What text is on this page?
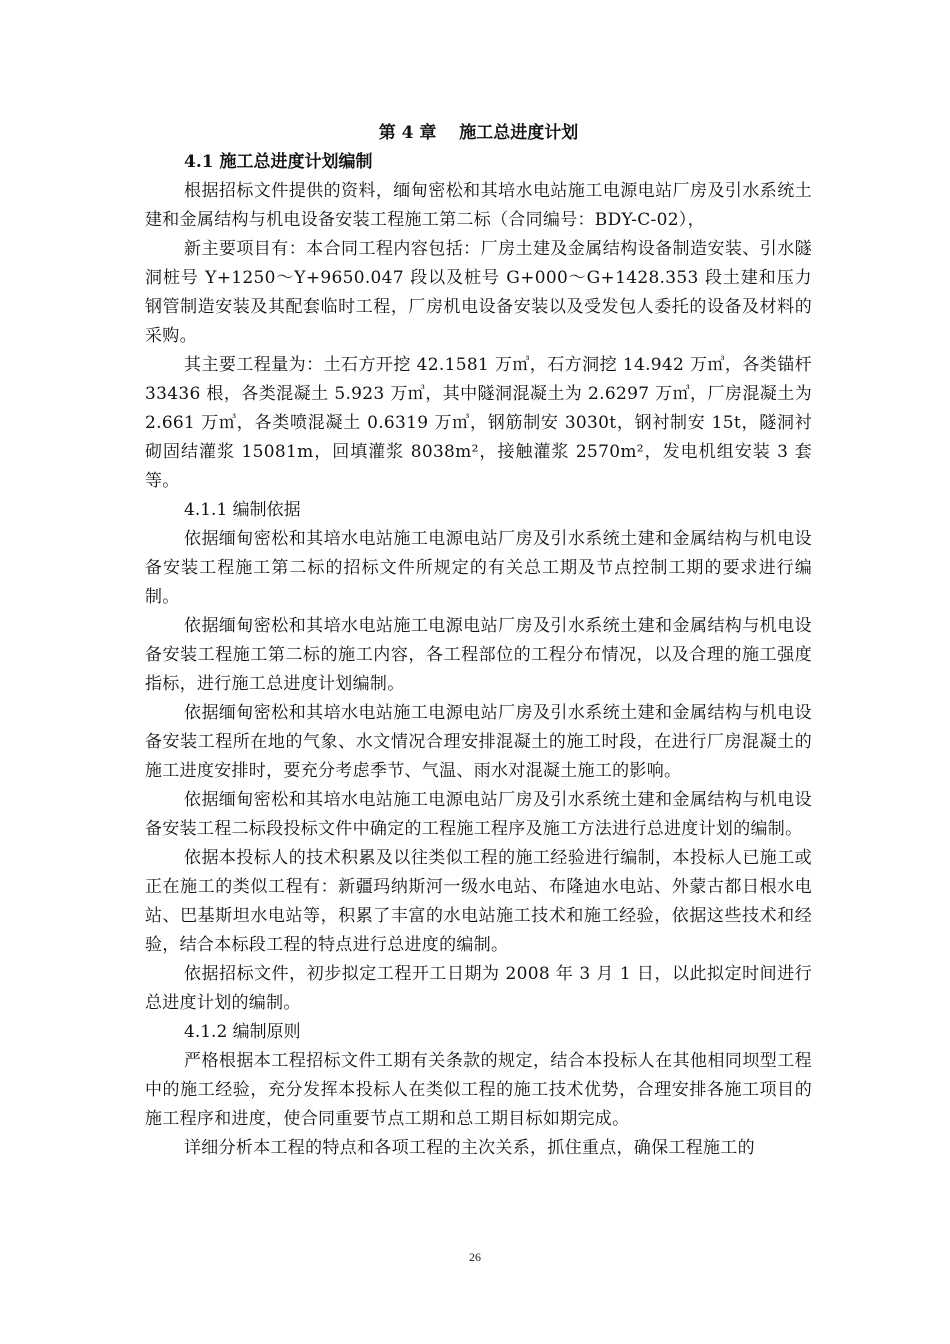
第 4 章　 施工总进度计划
4.1 施工总进度计划编制

根据招标文件提供的资料，缅甸密松和其培水电站施工电源电站厂房及引水系统土建和金属结构与机电设备安装工程施工第二标（合同编号：BDY-C-02），

新主要项目有：本合同工程内容包括：厂房土建及金属结构设备制造安装、引水隧洞桩号 Y+1250～Y+9650.047 段以及桩号 G+000～G+1428.353 段土建和压力钢管制造安装及其配套临时工程，厂房机电设备安装以及受发包人委托的设备及材料的采购。

其主要工程量为：土石方开挖 42.1581 万㎥，石方洞挖 14.942 万㎥，各类锚杆 33436 根，各类混凝土 5.923 万㎥，其中隧洞混凝土为 2.6297 万㎥，厂房混凝土为 2.661 万㎥，各类喷混凝土 0.6319 万㎥，钢筋制安 3030t，钢衬制安 15t，隧洞衬砌固结灌浆 15081m，回填灌浆 8038m²，接触灌浆 2570m²，发电机组安装 3 套等。

4.1.1 编制依据

依据缅甸密松和其培水电站施工电源电站厂房及引水系统土建和金属结构与机电设备安装工程施工第二标的招标文件所规定的有关总工期及节点控制工期的要求进行编制。

依据缅甸密松和其培水电站施工电源电站厂房及引水系统土建和金属结构与机电设备安装工程施工第二标的施工内容，各工程部位的工程分布情况，以及合理的施工强度指标，进行施工总进度计划编制。

依据缅甸密松和其培水电站施工电源电站厂房及引水系统土建和金属结构与机电设备安装工程所在地的气象、水文情况合理安排混凝土的施工时段，在进行厂房混凝土的施工进度安排时，要充分考虑季节、气温、雨水对混凝土施工的影响。

依据缅甸密松和其培水电站施工电源电站厂房及引水系统土建和金属结构与机电设备安装工程二标段投标文件中确定的工程施工程序及施工方法进行总进度计划的编制。

依据本投标人的技术积累及以往类似工程的施工经验进行编制，本投标人已施工或正在施工的类似工程有：新疆玛纳斯河一级水电站、布隆迪水电站、外蒙古都日根水电站、巴基斯坦水电站等，积累了丰富的水电站施工技术和施工经验，依据这些技术和经验，结合本标段工程的特点进行总进度的编制。

依据招标文件，初步拟定工程开工日期为 2008 年 3 月 1 日，以此拟定时间进行总进度计划的编制。

4.1.2 编制原则

严格根据本工程招标文件工期有关条款的规定，结合本投标人在其他相同坝型工程中的施工经验，充分发挥本投标人在类似工程的施工技术优势，合理安排各施工项目的施工程序和进度，使合同重要节点工期和总工期目标如期完成。

详细分析本工程的特点和各项工程的主次关系，抓住重点，确保工程施工的

26
